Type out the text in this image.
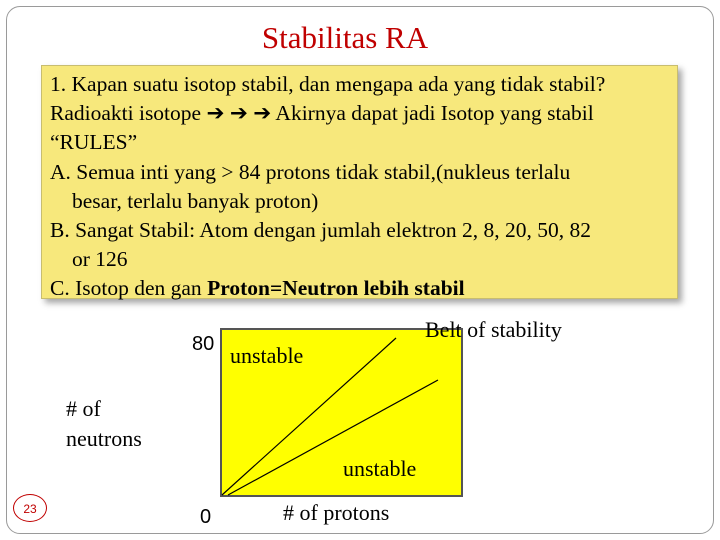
Stabilitas RA
1. Kapan suatu isotop stabil, dan mengapa ada yang tidak stabil?
Radioakti isotope ➔ ➔ ➔ Akirnya dapat jadi Isotop yang stabil
“RULES”
A. Semua inti yang > 84 protons tidak stabil,(nukleus terlalu
besar, terlalu banyak proton)
B. Sangat Stabil: Atom dengan jumlah elektron 2, 8, 20, 50, 82
or 126
C. Isotop den gan Proton=Neutron lebih stabil
80 unstable
Belt of stability
# of
neutrons
unstable
0	# of protons
23
